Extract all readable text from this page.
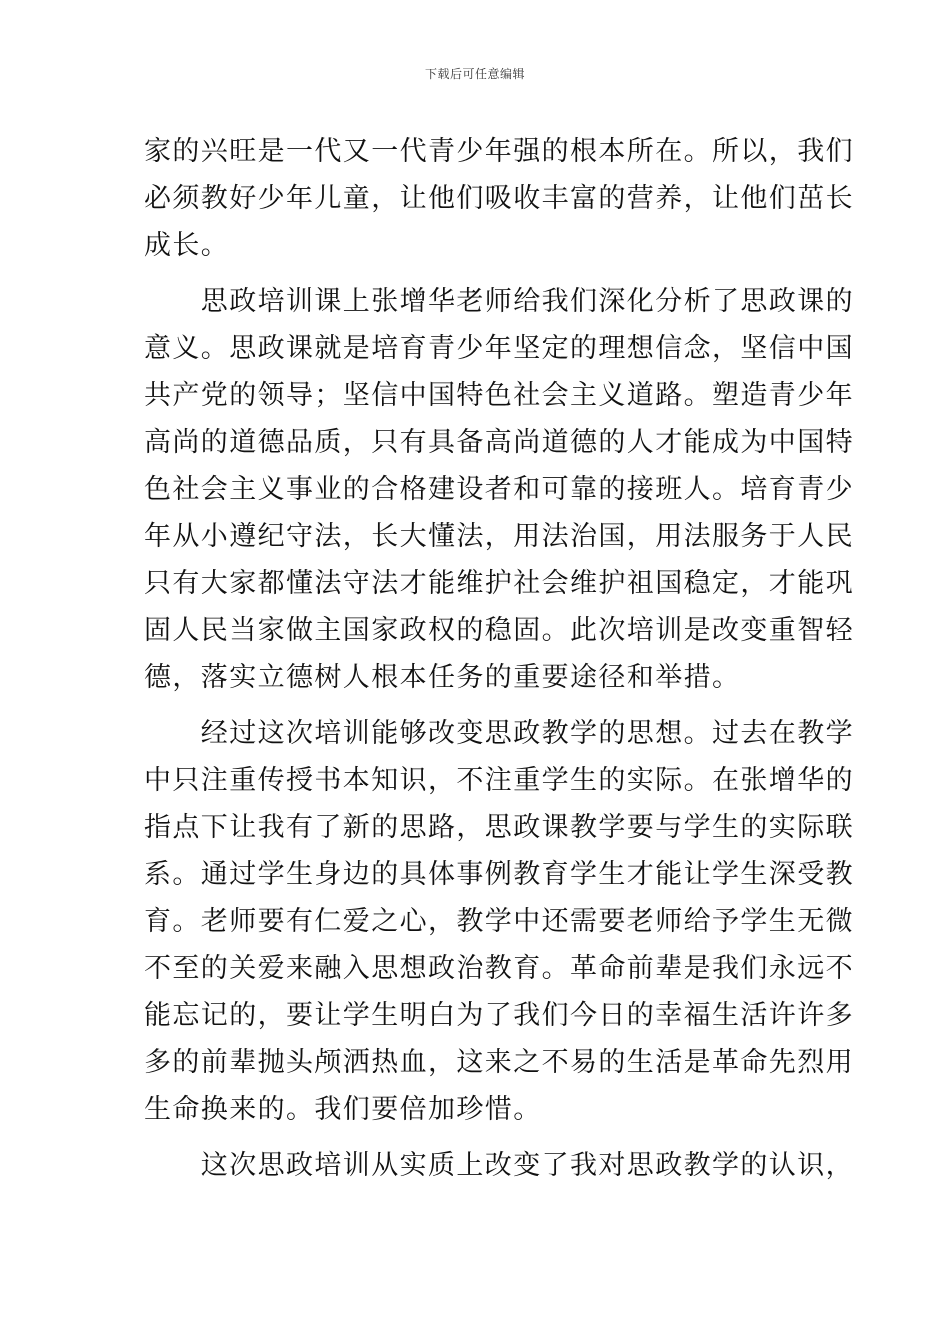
下载后可任意编辑
家的兴旺是一代又一代青少年强的根本所在。所以，我们
必须教好少年儿童，让他们吸收丰富的营养，让他们茁长
成长。
　　思政培训课上张增华老师给我们深化分析了思政课的
意义。思政课就是培育青少年坚定的理想信念，坚信中国
共产党的领导；坚信中国特色社会主义道路。塑造青少年
高尚的道德品质，只有具备高尚道德的人才能成为中国特
色社会主义事业的合格建设者和可靠的接班人。培育青少
年从小遵纪守法，长大懂法，用法治国，用法服务于人民
只有大家都懂法守法才能维护社会维护祖国稳定，才能巩
固人民当家做主国家政权的稳固。此次培训是改变重智轻
德，落实立德树人根本任务的重要途径和举措。
　　经过这次培训能够改变思政教学的思想。过去在教学
中只注重传授书本知识，不注重学生的实际。在张增华的
指点下让我有了新的思路，思政课教学要与学生的实际联
系。通过学生身边的具体事例教育学生才能让学生深受教
育。老师要有仁爱之心，教学中还需要老师给予学生无微
不至的关爱来融入思想政治教育。革命前辈是我们永远不
能忘记的，要让学生明白为了我们今日的幸福生活许许多
多的前辈抛头颅洒热血，这来之不易的生活是革命先烈用
生命换来的。我们要倍加珍惜。
　　这次思政培训从实质上改变了我对思政教学的认识，
